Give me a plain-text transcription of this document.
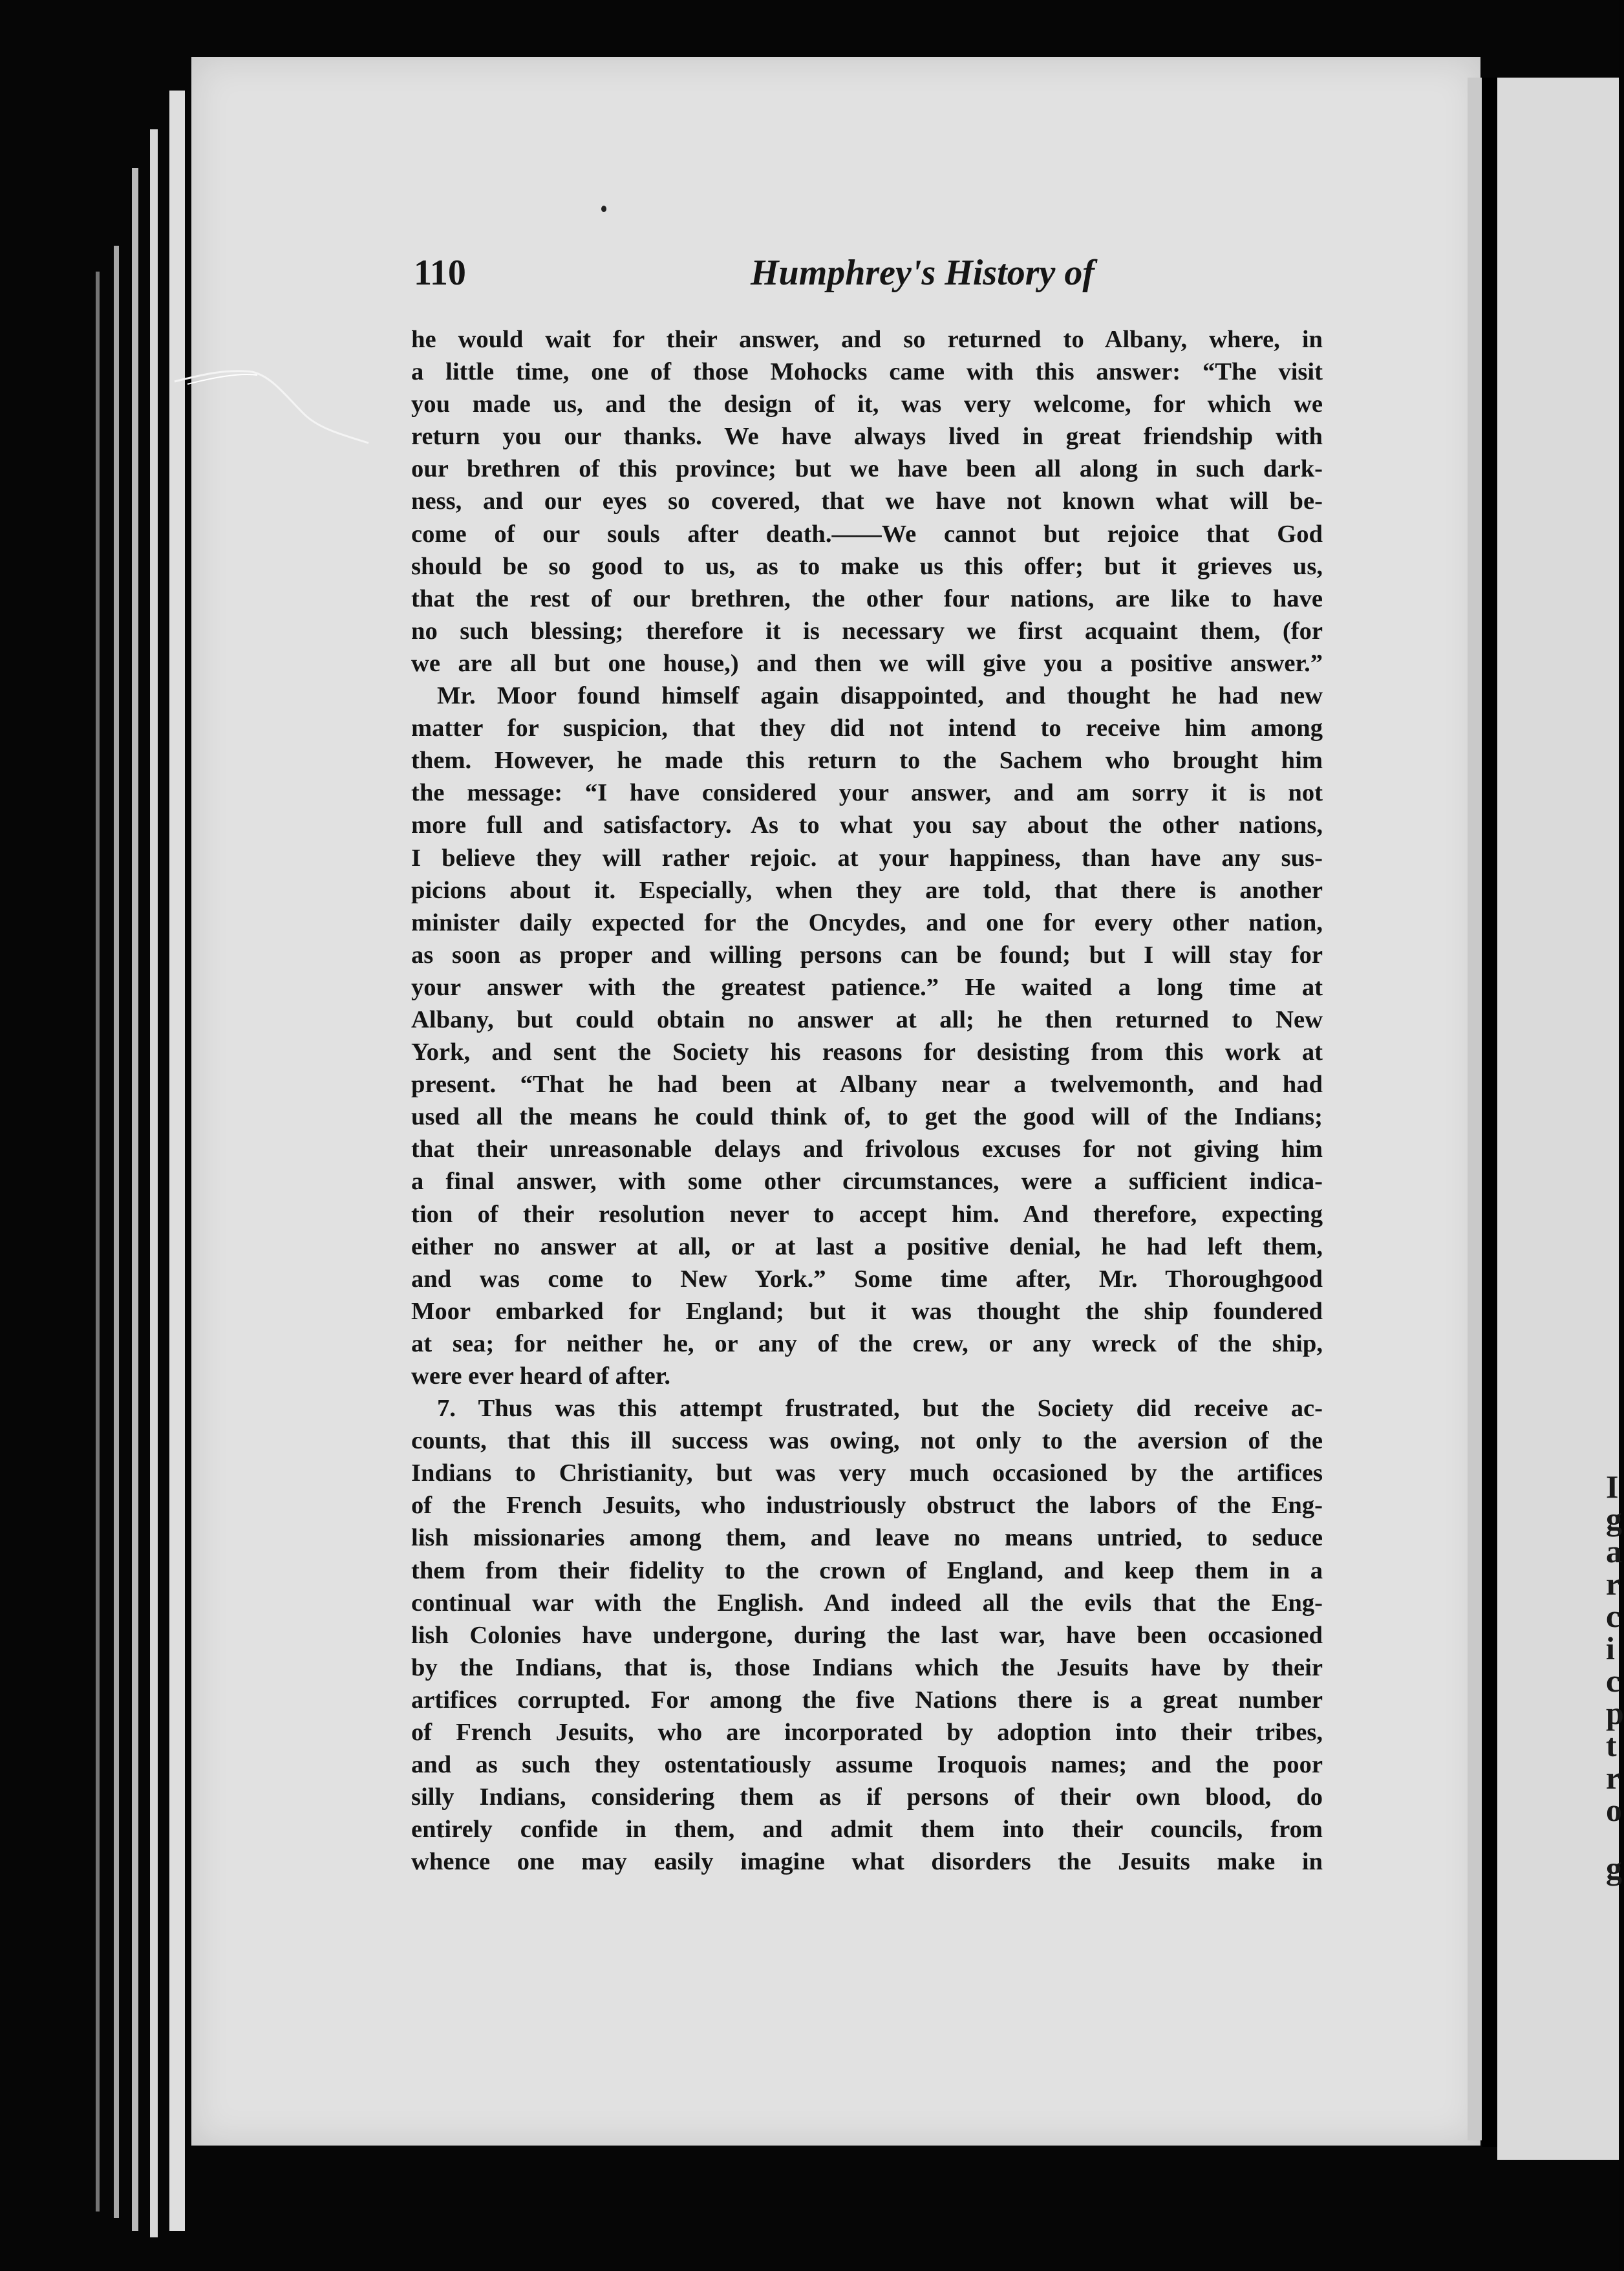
I
g
a
r
c
i
c
p
t
r
o
g
110	Humphrey's History of
he would wait for their answer, and so returned to Albany, where, in
a little time, one of those Mohocks came with this answer: “The visit
you made us, and the design of it, was very welcome, for which we
return you our thanks. We have always lived in great friendship with
our brethren of this province; but we have been all along in such dark-
ness, and our eyes so covered, that we have not known what will be-
come of our souls after death.——We cannot but rejoice that God
should be so good to us, as to make us this offer; but it grieves us,
that the rest of our brethren, the other four nations, are like to have
no such blessing; therefore it is necessary we first acquaint them, (for
we are all but one house,) and then we will give you a positive answer.”
Mr. Moor found himself again disappointed, and thought he had new
matter for suspicion, that they did not intend to receive him among
them. However, he made this return to the Sachem who brought him
the message: “I have considered your answer, and am sorry it is not
more full and satisfactory. As to what you say about the other nations,
I believe they will rather rejoic. at your happiness, than have any sus-
picions about it. Especially, when they are told, that there is another
minister daily expected for the Oncydes, and one for every other nation,
as soon as proper and willing persons can be found; but I will stay for
your answer with the greatest patience.” He waited a long time at
Albany, but could obtain no answer at all; he then returned to New
York, and sent the Society his reasons for desisting from this work at
present. “That he had been at Albany near a twelvemonth, and had
used all the means he could think of, to get the good will of the Indians;
that their unreasonable delays and frivolous excuses for not giving him
a final answer, with some other circumstances, were a sufficient indica-
tion of their resolution never to accept him. And therefore, expecting
either no answer at all, or at last a positive denial, he had left them,
and was come to New York.” Some time after, Mr. Thoroughgood
Moor embarked for England; but it was thought the ship foundered
at sea; for neither he, or any of the crew, or any wreck of the ship,
were ever heard of after.
7. Thus was this attempt frustrated, but the Society did receive ac-
counts, that this ill success was owing, not only to the aversion of the
Indians to Christianity, but was very much occasioned by the artifices
of the French Jesuits, who industriously obstruct the labors of the Eng-
lish missionaries among them, and leave no means untried, to seduce
them from their fidelity to the crown of England, and keep them in a
continual war with the English. And indeed all the evils that the Eng-
lish Colonies have undergone, during the last war, have been occasioned
by the Indians, that is, those Indians which the Jesuits have by their
artifices corrupted. For among the five Nations there is a great number
of French Jesuits, who are incorporated by adoption into their tribes,
and as such they ostentatiously assume Iroquois names; and the poor
silly Indians, considering them as if persons of their own blood, do
entirely confide in them, and admit them into their councils, from
whence one may easily imagine what disorders the Jesuits make in
